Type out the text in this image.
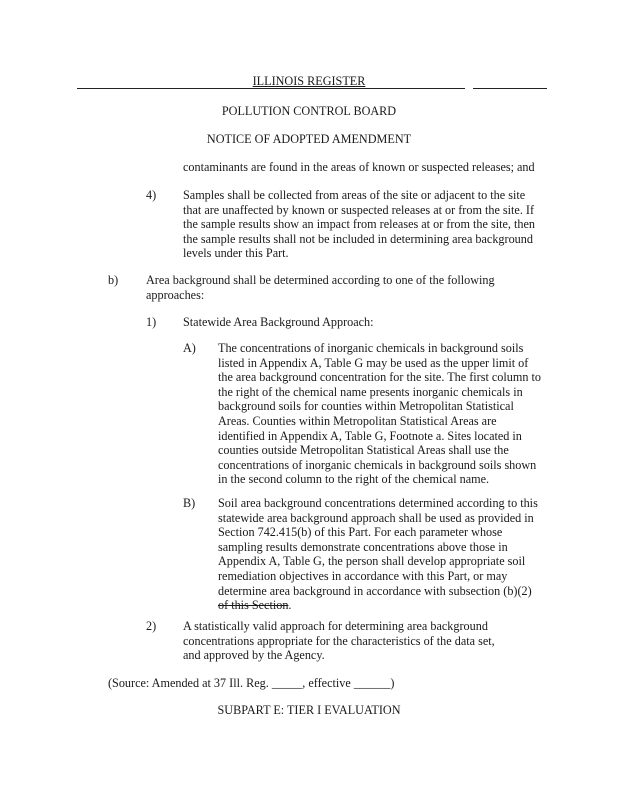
ILLINOIS REGISTER
POLLUTION CONTROL BOARD
NOTICE OF ADOPTED AMENDMENT
contaminants are found in the areas of known or suspected releases; and
4) Samples shall be collected from areas of the site or adjacent to the site that are unaffected by known or suspected releases at or from the site. If the sample results show an impact from releases at or from the site, then the sample results shall not be included in determining area background levels under this Part.
b) Area background shall be determined according to one of the following approaches:
1) Statewide Area Background Approach:
A) The concentrations of inorganic chemicals in background soils listed in Appendix A, Table G may be used as the upper limit of the area background concentration for the site. The first column to the right of the chemical name presents inorganic chemicals in background soils for counties within Metropolitan Statistical Areas. Counties within Metropolitan Statistical Areas are identified in Appendix A, Table G, Footnote a. Sites located in counties outside Metropolitan Statistical Areas shall use the concentrations of inorganic chemicals in background soils shown in the second column to the right of the chemical name.
B) Soil area background concentrations determined according to this statewide area background approach shall be used as provided in Section 742.415(b) of this Part. For each parameter whose sampling results demonstrate concentrations above those in Appendix A, Table G, the person shall develop appropriate soil remediation objectives in accordance with this Part, or may determine area background in accordance with subsection (b)(2) of this Section.
2) A statistically valid approach for determining area background concentrations appropriate for the characteristics of the data set, and approved by the Agency.
(Source: Amended at 37 Ill. Reg. _____, effective ______)
SUBPART E: TIER I EVALUATION
